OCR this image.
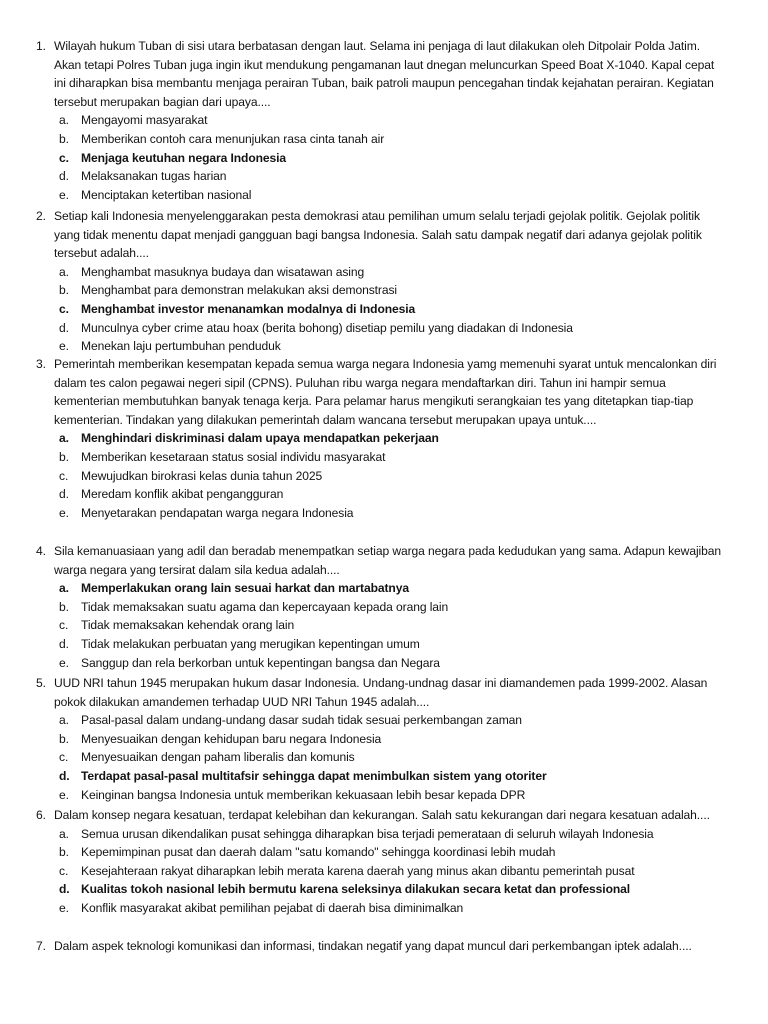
1. Wilayah hukum Tuban di sisi utara berbatasan dengan laut. Selama ini penjaga di laut dilakukan oleh Ditpolair Polda Jatim. Akan tetapi Polres Tuban juga ingin ikut mendukung pengamanan laut dnegan meluncurkan Speed Boat X-1040. Kapal cepat ini diharapkan bisa membantu menjaga perairan Tuban, baik patroli maupun pencegahan tindak kejahatan perairan. Kegiatan tersebut merupakan bagian dari upaya....
a. Mengayomi masyarakat
b. Memberikan contoh cara menunjukan rasa cinta tanah air
c. Menjaga keutuhan negara Indonesia
d. Melaksanakan tugas harian
e. Menciptakan ketertiban nasional
2. Setiap kali Indonesia menyelenggarakan pesta demokrasi atau pemilihan umum selalu terjadi gejolak politik. Gejolak politik yang tidak menentu dapat menjadi gangguan bagi bangsa Indonesia. Salah satu dampak negatif dari adanya gejolak politik tersebut adalah....
a. Menghambat masuknya budaya dan wisatawan asing
b. Menghambat para demonstran melakukan aksi demonstrasi
c. Menghambat investor menanamkan modalnya di Indonesia
d. Munculnya cyber crime atau hoax (berita bohong) disetiap pemilu yang diadakan di Indonesia
e. Menekan laju pertumbuhan penduduk
3. Pemerintah memberikan kesempatan kepada semua warga negara Indonesia yamg memenuhi syarat untuk mencalonkan diri dalam tes calon pegawai negeri sipil (CPNS). Puluhan ribu warga negara mendaftarkan diri. Tahun ini hampir semua kementerian membutuhkan banyak tenaga kerja. Para pelamar harus mengikuti serangkaian tes yang ditetapkan tiap-tiap kementerian. Tindakan yang dilakukan pemerintah dalam wancana tersebut merupakan upaya untuk....
a. Menghindari diskriminasi dalam upaya mendapatkan pekerjaan
b. Memberikan kesetaraan status sosial individu masyarakat
c. Mewujudkan birokrasi kelas dunia tahun 2025
d. Meredam konflik akibat pengangguran
e. Menyetarakan pendapatan warga negara Indonesia
4. Sila kemanuasiaan yang adil dan beradab menempatkan setiap warga negara pada kedudukan yang sama. Adapun kewajiban warga negara yang tersirat dalam sila kedua adalah....
a. Memperlakukan orang lain sesuai harkat dan martabatnya
b. Tidak memaksakan suatu agama dan kepercayaan kepada orang lain
c. Tidak memaksakan kehendak orang lain
d. Tidak melakukan perbuatan yang merugikan kepentingan umum
e. Sanggup dan rela berkorban untuk kepentingan bangsa dan Negara
5. UUD NRI tahun 1945 merupakan hukum dasar Indonesia. Undang-undnag dasar ini diamandemen pada 1999-2002. Alasan pokok dilakukan amandemen terhadap UUD NRI Tahun 1945 adalah....
a. Pasal-pasal dalam undang-undang dasar sudah tidak sesuai perkembangan zaman
b. Menyesuaikan dengan kehidupan baru negara Indonesia
c. Menyesuaikan dengan paham liberalis dan komunis
d. Terdapat pasal-pasal multitafsir sehingga dapat menimbulkan sistem yang otoriter
e. Keinginan bangsa Indonesia untuk memberikan kekuasaan lebih besar kepada DPR
6. Dalam konsep negara kesatuan, terdapat kelebihan dan kekurangan. Salah satu kekurangan dari negara kesatuan adalah....
a. Semua urusan dikendalikan pusat sehingga diharapkan bisa terjadi pemerataan di seluruh wilayah Indonesia
b. Kepemimpinan pusat dan daerah dalam "satu komando" sehingga koordinasi lebih mudah
c. Kesejahteraan rakyat diharapkan lebih merata karena daerah yang minus akan dibantu pemerintah pusat
d. Kualitas tokoh nasional lebih bermutu karena seleksinya dilakukan secara ketat dan professional
e. Konflik masyarakat akibat pemilihan pejabat di daerah bisa diminimalkan
7. Dalam aspek teknologi komunikasi dan informasi, tindakan negatif yang dapat muncul dari perkembangan iptek adalah....
